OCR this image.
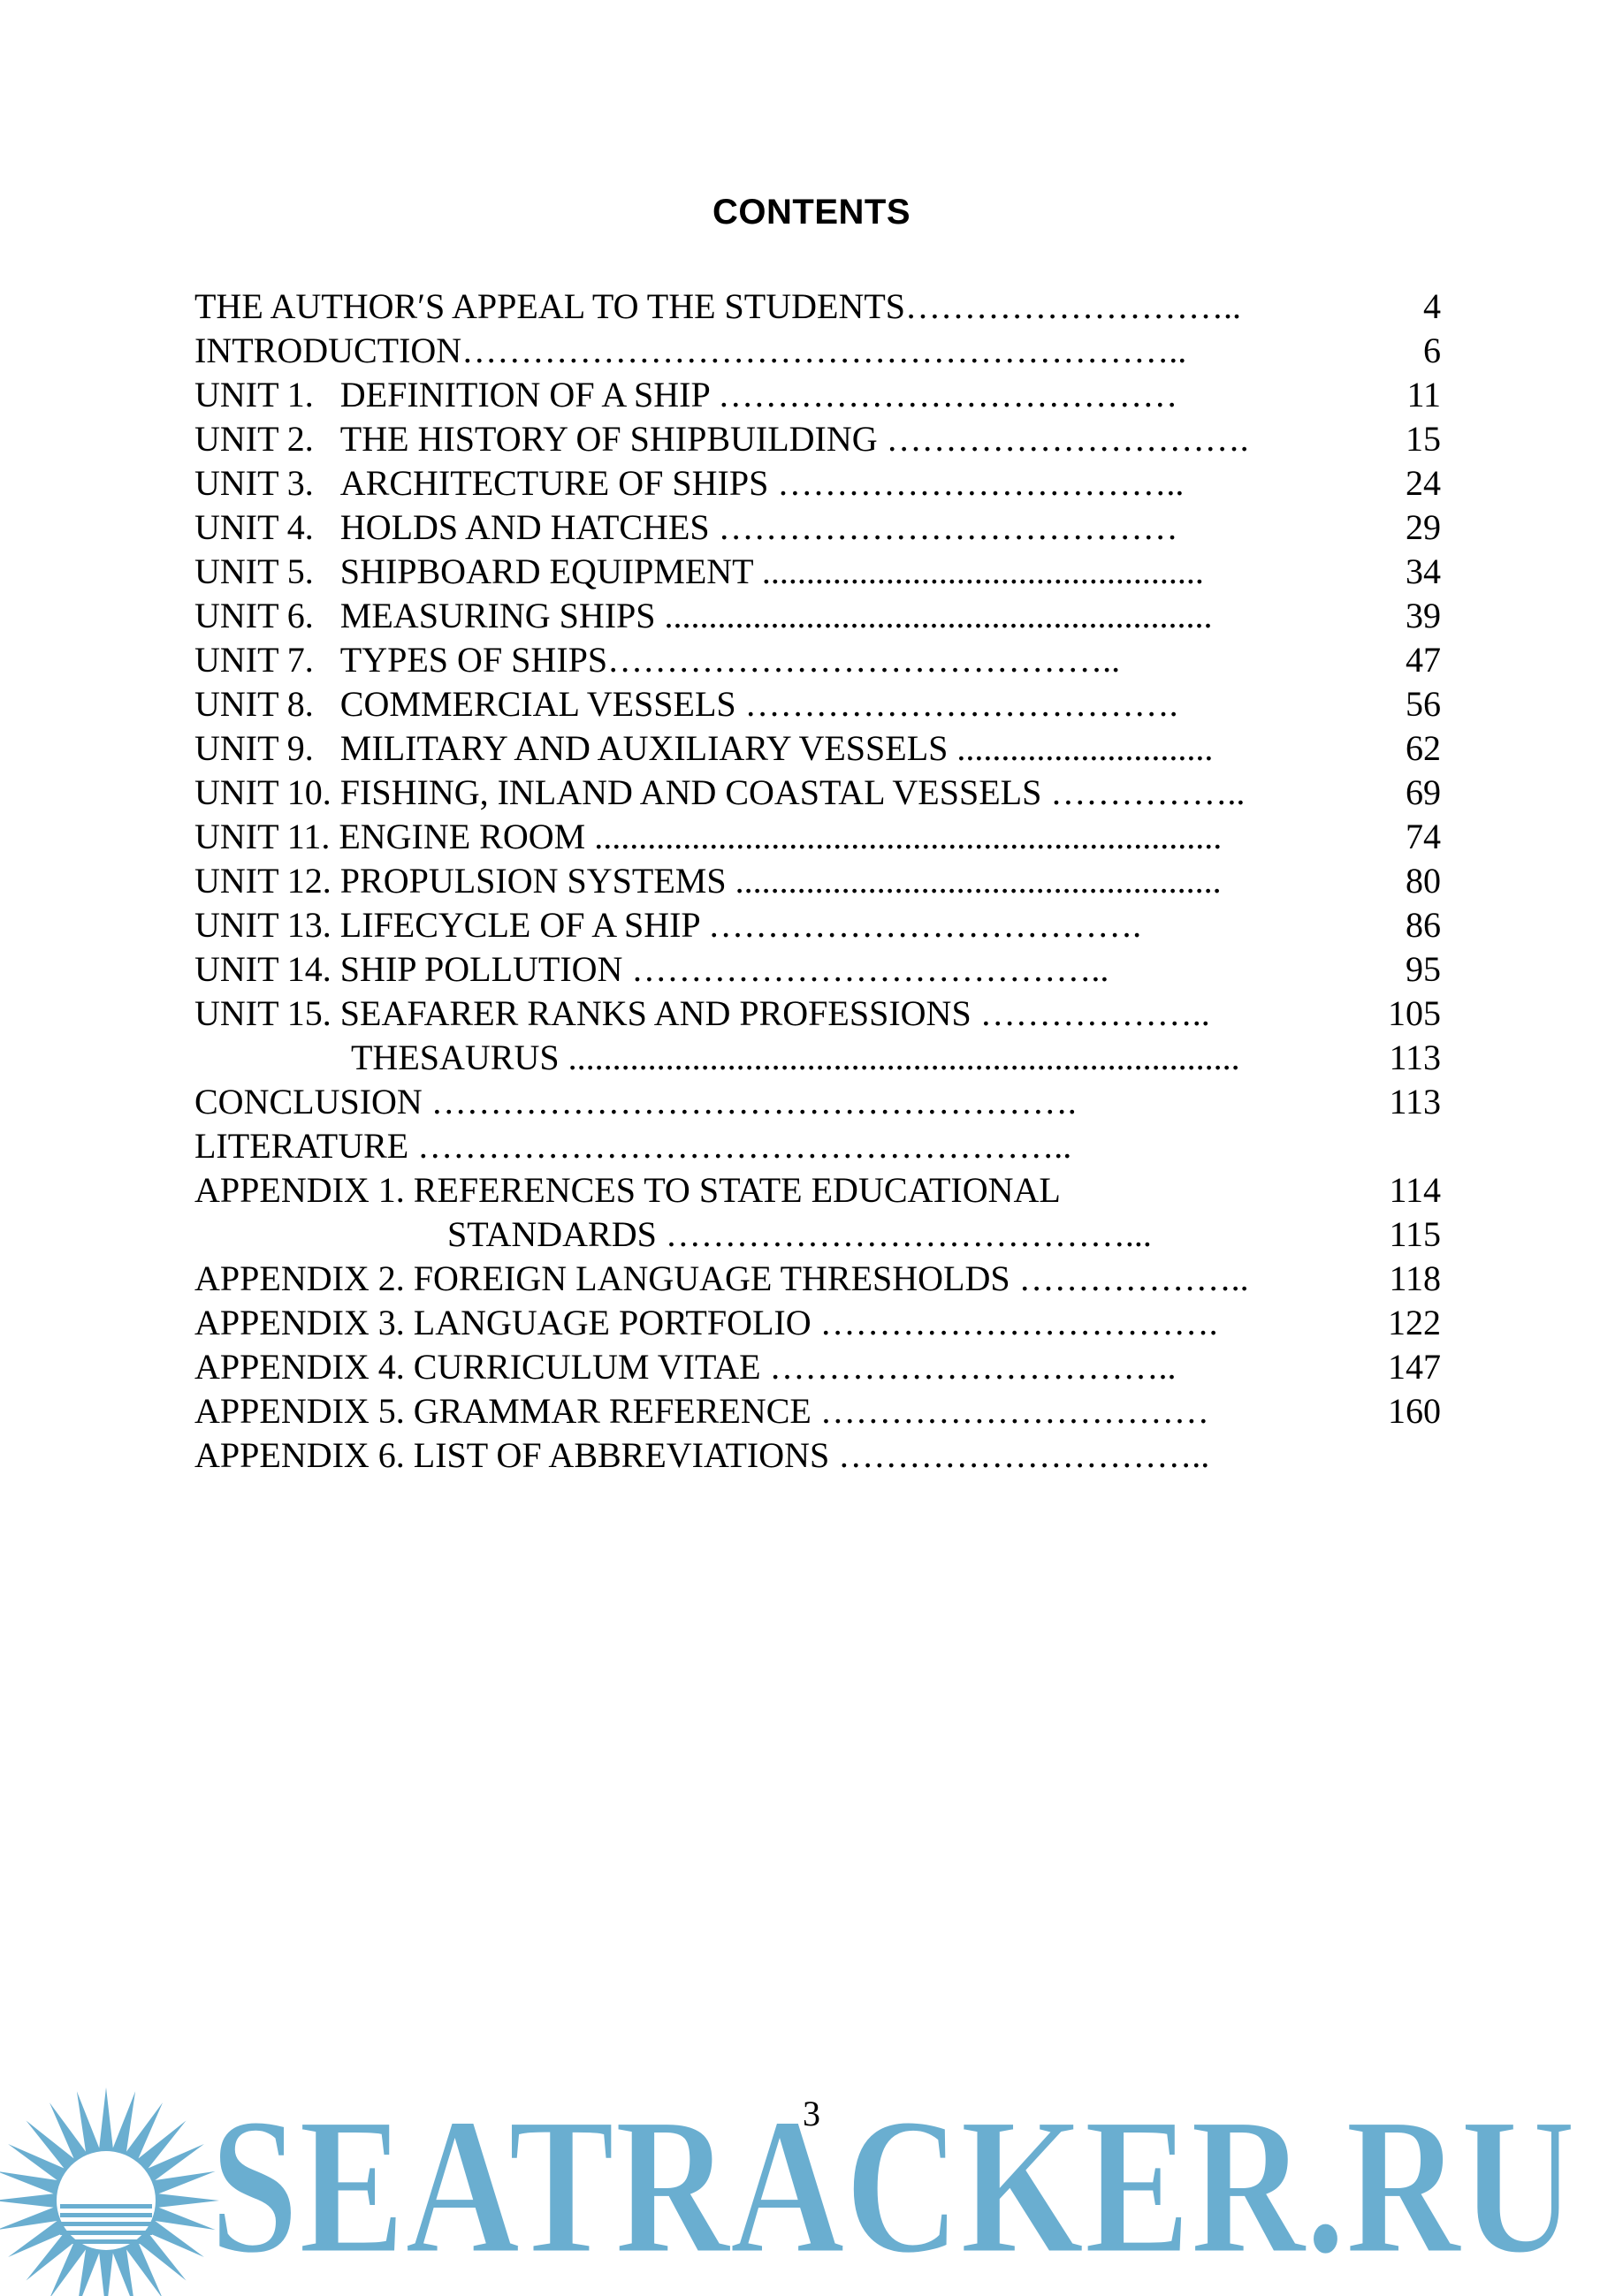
CONTENTS
THE AUTHOR′S APPEAL TO THE STUDENTS………………………..	4
INTRODUCTION……………………………………………………..	6
UNIT 1.   DEFINITION OF A SHIP …………………………………	11
UNIT 2.   THE HISTORY OF SHIPBUILDING ………………………….	15
UNIT 3.   ARCHITECTURE OF SHIPS ……………………………..	24
UNIT 4.   HOLDS AND HATCHES …………………………………	29
UNIT 5.   SHIPBOARD EQUIPMENT ..................................................	34
UNIT 6.   MEASURING SHIPS ..............................................................	39
UNIT 7.   TYPES OF SHIPS……………………………………..	47
UNIT 8.   COMMERCIAL VESSELS ……………………………….	56
UNIT 9.   MILITARY AND AUXILIARY VESSELS .............................	62
UNIT 10. FISHING, INLAND AND COASTAL VESSELS ……………..	69
UNIT 11. ENGINE ROOM .......................................................................	74
UNIT 12. PROPULSION SYSTEMS .......................................................	80
UNIT 13. LIFECYCLE OF A SHIP ……………………………….	86
UNIT 14. SHIP POLLUTION …………………………………..	95
UNIT 15. SEAFARER RANKS AND PROFESSIONS ………………..	105
THESAURUS ............................................................................	113
CONCLUSION ……………………………………………….	113
LITERATURE ………………………………………………..
APPENDIX 1. REFERENCES TO STATE EDUCATIONAL	114
STANDARDS …………………………………...	115
APPENDIX 2. FOREIGN LANGUAGE THRESHOLDS ………………..	118
APPENDIX 3. LANGUAGE PORTFOLIO …………………………….	122
APPENDIX 4. CURRICULUM VITAE ……………………………..	147
APPENDIX 5. GRAMMAR REFERENCE ……………………………	160
APPENDIX 6. LIST OF ABBREVIATIONS …………………………..
SEATRACKER.RU
3
